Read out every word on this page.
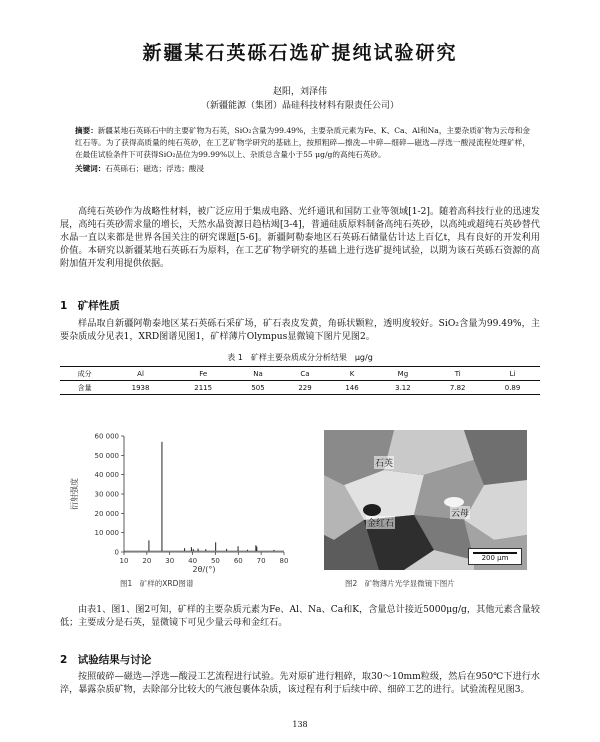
新疆某石英砾石选矿提纯试验研究
赵阳，刘泽伟
（新疆能源（集团）晶硅科技材料有限责任公司）
摘要：新疆某地石英砾石中的主要矿物为石英，SiO₂含量为99.49%，主要杂质元素为Fe、K、Ca、Al和Na，主要杂质矿物为云母和金红石等。为了获得高质量的纯石英砂，在工艺矿物学研究的基础上，按照粗碎—擦洗—中碎—细碎—磁选—浮选一酸浸流程处理矿样，在最佳试验条件下可获得SiO₂品位为99.99%以上、杂质总含量小于55 μg/g的高纯石英砂。
关键词：石英砾石；磁选；浮选；酸浸
高纯石英砂作为战略性材料，被广泛应用于集成电路、光纤通讯和国防工业等领域[1-2]。随着高科技行业的迅速发展，高纯石英砂需求量的增长，天然水晶资源日趋枯竭[3-4]，普通硅质原料制备高纯石英砂，以高纯或超纯石英砂替代水晶一直以来都是世界各国关注的研究课题[5-6]。新疆阿勒泰地区石英砾石储量估计达上百亿t，具有良好的开发利用价值。本研究以新疆某地石英砾石为原料，在工艺矿物学研究的基础上进行选矿提纯试验，以期为该石英砾石资源的高附加值开发利用提供依据。
1　矿样性质
样品取自新疆阿勒泰地区某石英砾石采矿场，矿石表皮发黄，角砾状颗粒，透明度较好。SiO₂含量为99.49%，主要杂质成分见表1，XRD图谱见图1，矿样薄片Olympus显微镜下图片见图2。
表 1　矿样主要杂质成分分析结果　μg/g
成分	Al	Fe	Na	Ca	K	Mg	Ti	Li
含量	1938	2115	505	229	146	3.12	7.82	0.89
0
10 000
20 000
30 000
40 000
50 000
60 000
10 20 30 40 50 60 70 80
衍射强度
2θ/(°)
图1　矿样的XRD图谱
石英
云母
金红石
200 μm
图2　矿物薄片光学显微镜下图片
由表1、图1、图2可知，矿样的主要杂质元素为Fe、Al、Na、Ca和K，含量总计接近5000μg/g，其他元素含量较低；主要成分是石英，显微镜下可见少量云母和金红石。
2　试验结果与讨论
按照破碎—磁选—浮选—酸浸工艺流程进行试验。先对原矿进行粗碎，取30～10mm粒级，然后在950℃下进行水淬，暴露杂质矿物，去除部分比较大的气液包裹体杂质，该过程有利于后续中碎、细碎工艺的进行。试验流程见图3。
138
